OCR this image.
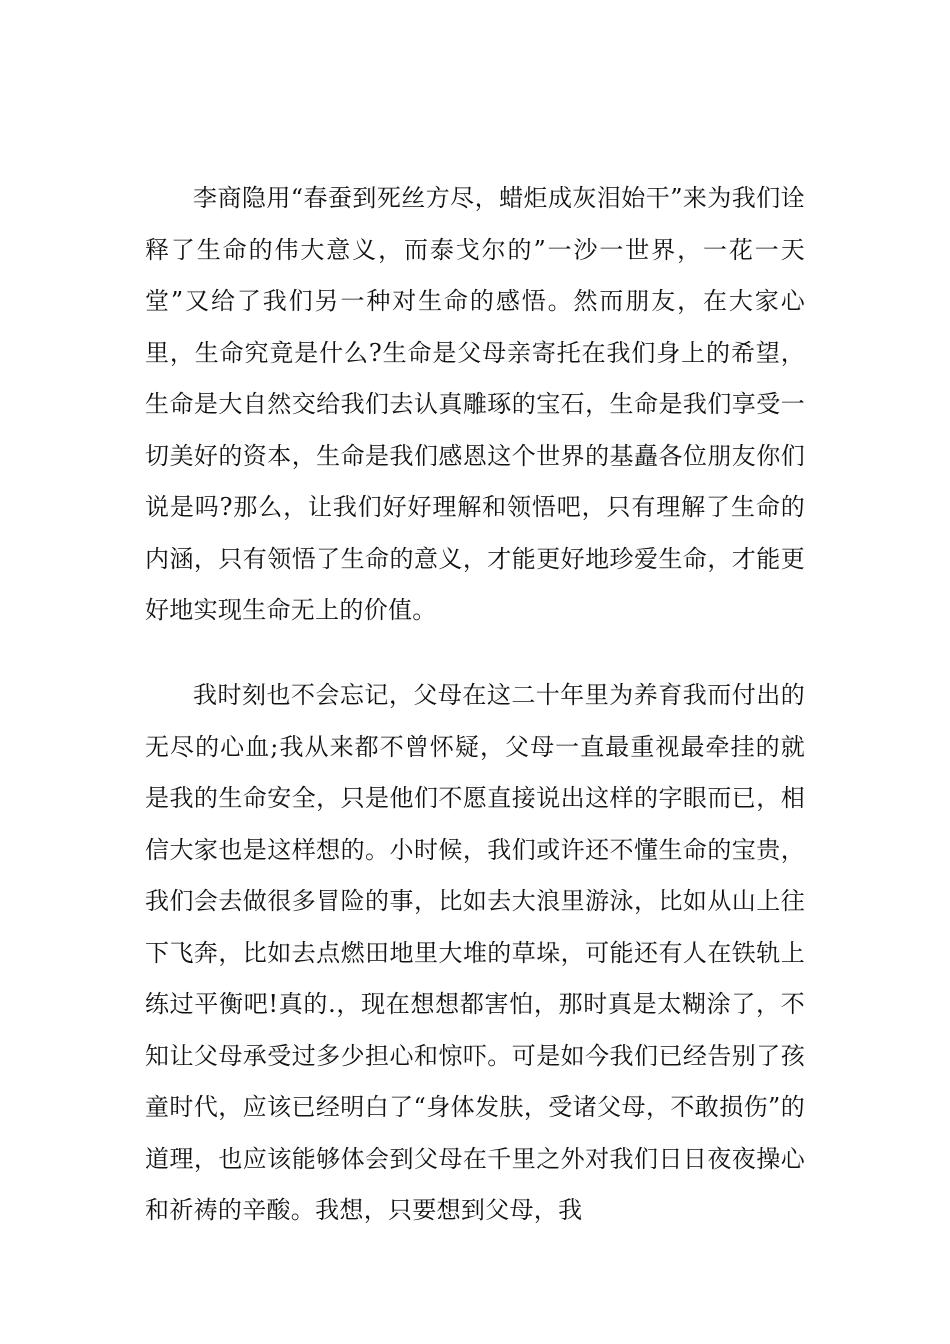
李商隐用“春蚕到死丝方尽，蜡炬成灰泪始干”来为我们诠释了生命的伟大意义，而泰戈尔的”一沙一世界，一花一天堂”又给了我们另一种对生命的感悟。然而朋友，在大家心里，生命究竟是什么?生命是父母亲寄托在我们身上的希望，生命是大自然交给我们去认真雕琢的宝石，生命是我们享受一切美好的资本，生命是我们感恩这个世界的基矗各位朋友你们说是吗?那么，让我们好好理解和领悟吧，只有理解了生命的内涵，只有领悟了生命的意义，才能更好地珍爱生命，才能更好地实现生命无上的价值。

我时刻也不会忘记，父母在这二十年里为养育我而付出的无尽的心血;我从来都不曾怀疑，父母一直最重视最牵挂的就是我的生命安全，只是他们不愿直接说出这样的字眼而已，相信大家也是这样想的。小时候，我们或许还不懂生命的宝贵，我们会去做很多冒险的事，比如去大浪里游泳，比如从山上往下飞奔，比如去点燃田地里大堆的草垛，可能还有人在铁轨上练过平衡吧!真的.，现在想想都害怕，那时真是太糊涂了，不知让父母承受过多少担心和惊吓。可是如今我们已经告别了孩童时代，应该已经明白了“身体发肤，受诸父母，不敢损伤”的道理，也应该能够体会到父母在千里之外对我们日日夜夜操心和祈祷的辛酸。我想，只要想到父母，我
